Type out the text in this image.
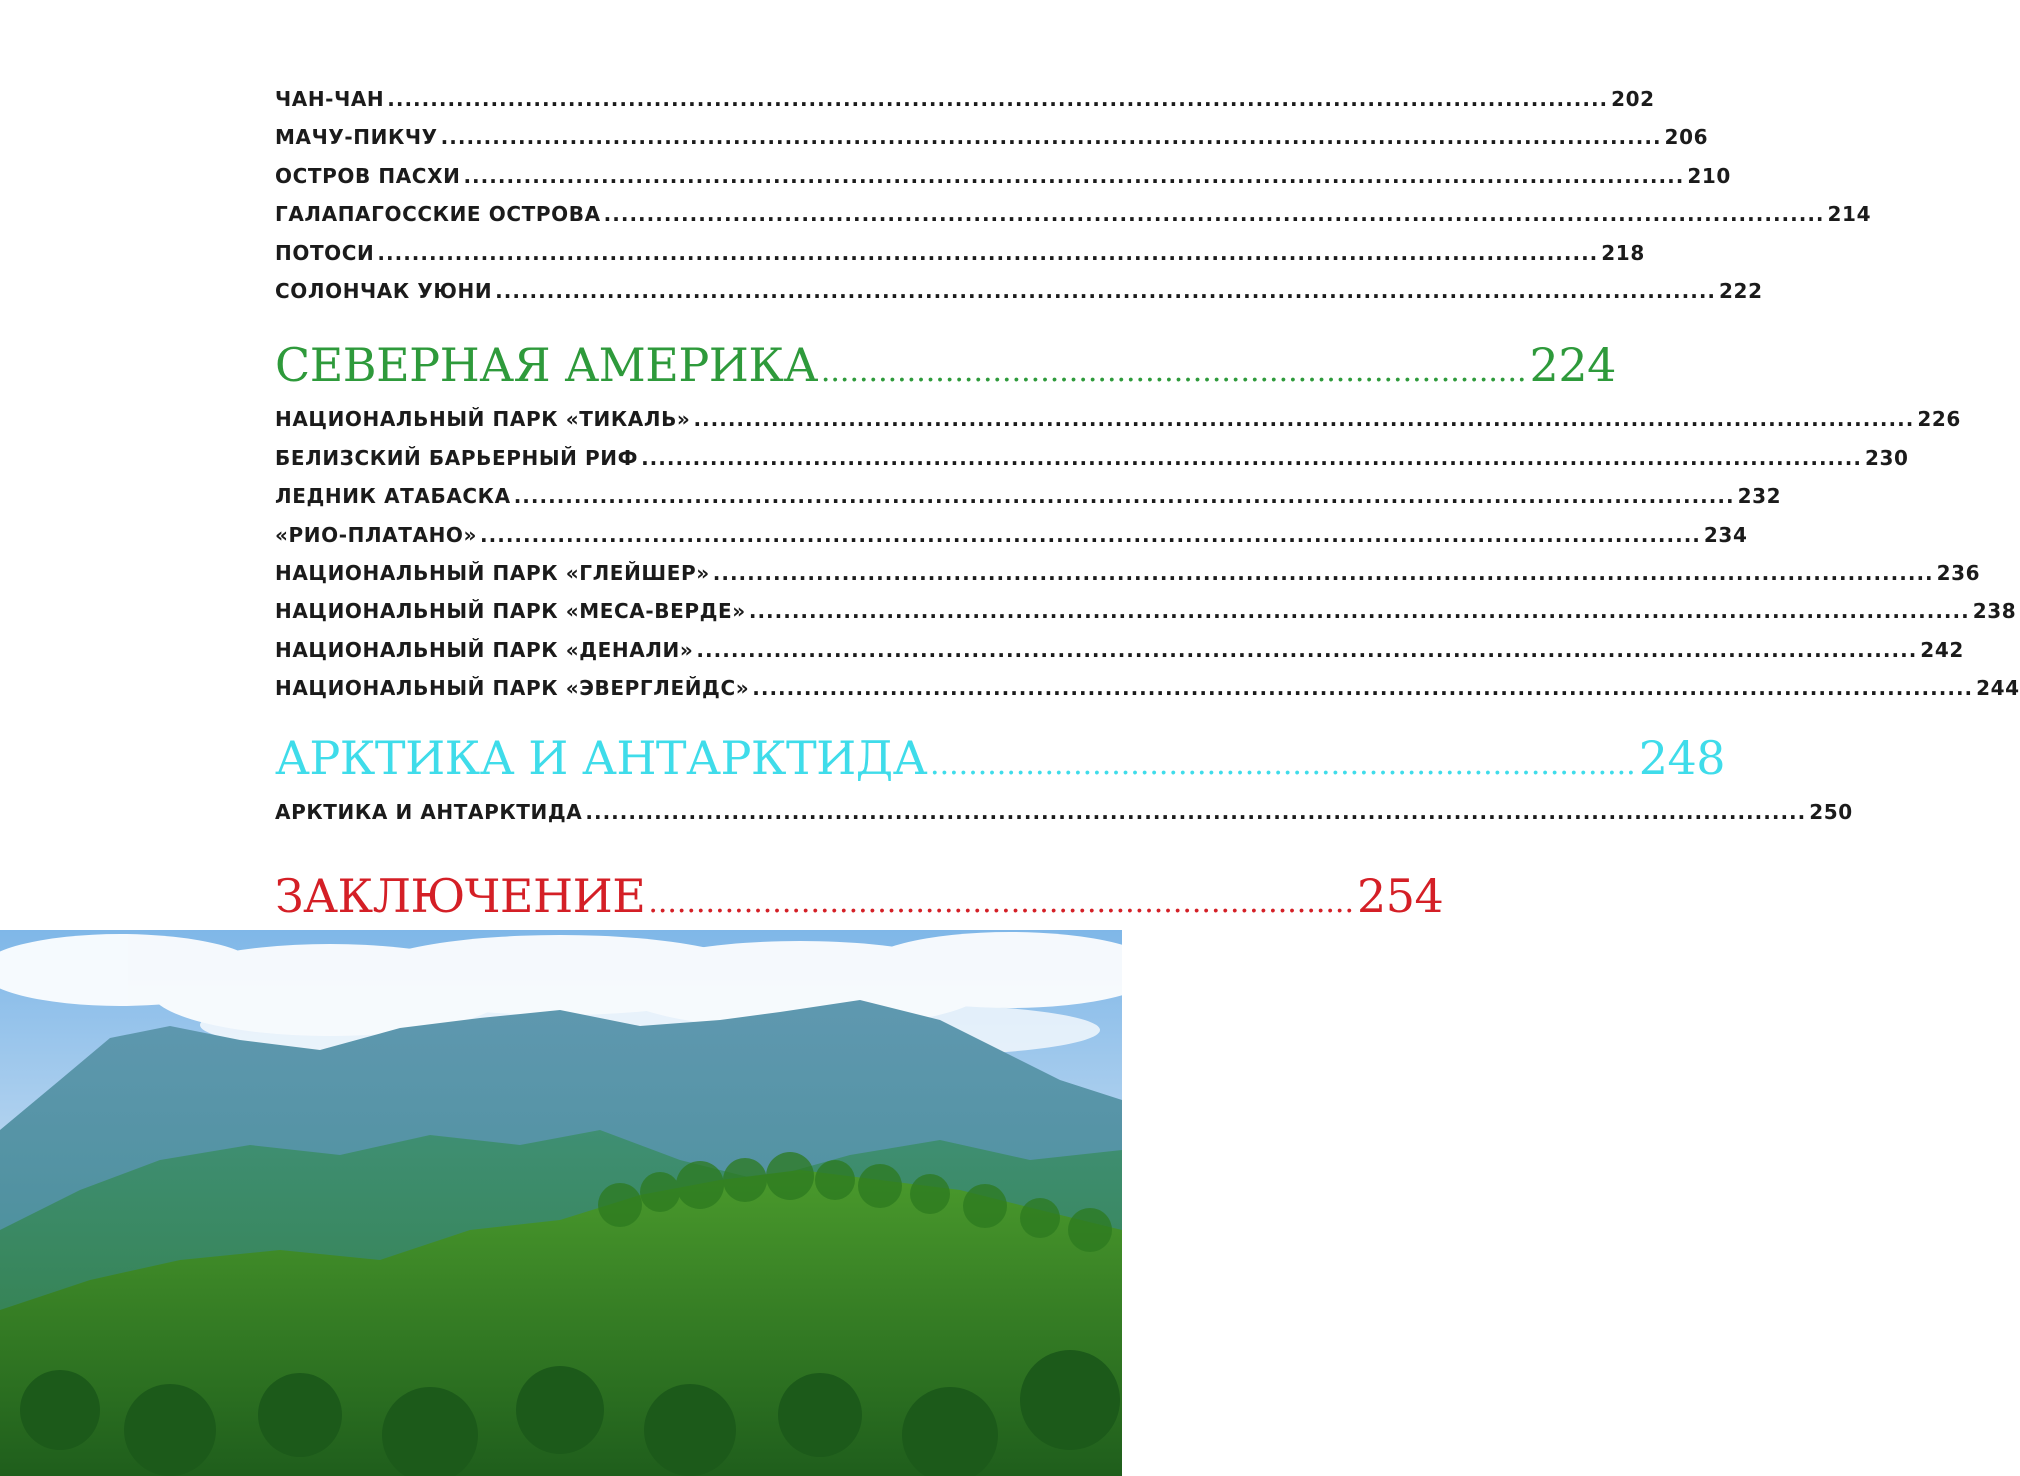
ЧАН-ЧАН .............................................................................................................................................. 202
МАЧУ-ПИКЧУ .............................................................................................................................................. 206
ОСТРОВ ПАСХИ .............................................................................................................................................. 210
ГАЛАПАГОССКИЕ ОСТРОВА .............................................................................................................................................. 214
ПОТОСИ .............................................................................................................................................. 218
СОЛОНЧАК УЮНИ .............................................................................................................................................. 222
СЕВЕРНАЯ АМЕРИКА .......................................................................... 224
НАЦИОНАЛЬНЫЙ ПАРК «ТИКАЛЬ» .............................................................................................................................................. 226
БЕЛИЗСКИЙ БАРЬЕРНЫЙ РИФ .............................................................................................................................................. 230
ЛЕДНИК АТАБАСКА .............................................................................................................................................. 232
«РИО-ПЛАТАНО» .............................................................................................................................................. 234
НАЦИОНАЛЬНЫЙ ПАРК «ГЛЕЙШЕР» .............................................................................................................................................. 236
НАЦИОНАЛЬНЫЙ ПАРК «МЕСА-ВЕРДЕ» .............................................................................................................................................. 238
НАЦИОНАЛЬНЫЙ ПАРК «ДЕНАЛИ» .............................................................................................................................................. 242
НАЦИОНАЛЬНЫЙ ПАРК «ЭВЕРГЛЕЙДС» .............................................................................................................................................. 244
АРКТИКА И АНТАРКТИДА .......................................................................... 248
АРКТИКА И АНТАРКТИДА .............................................................................................................................................. 250
ЗАКЛЮЧЕНИЕ .......................................................................... 254
